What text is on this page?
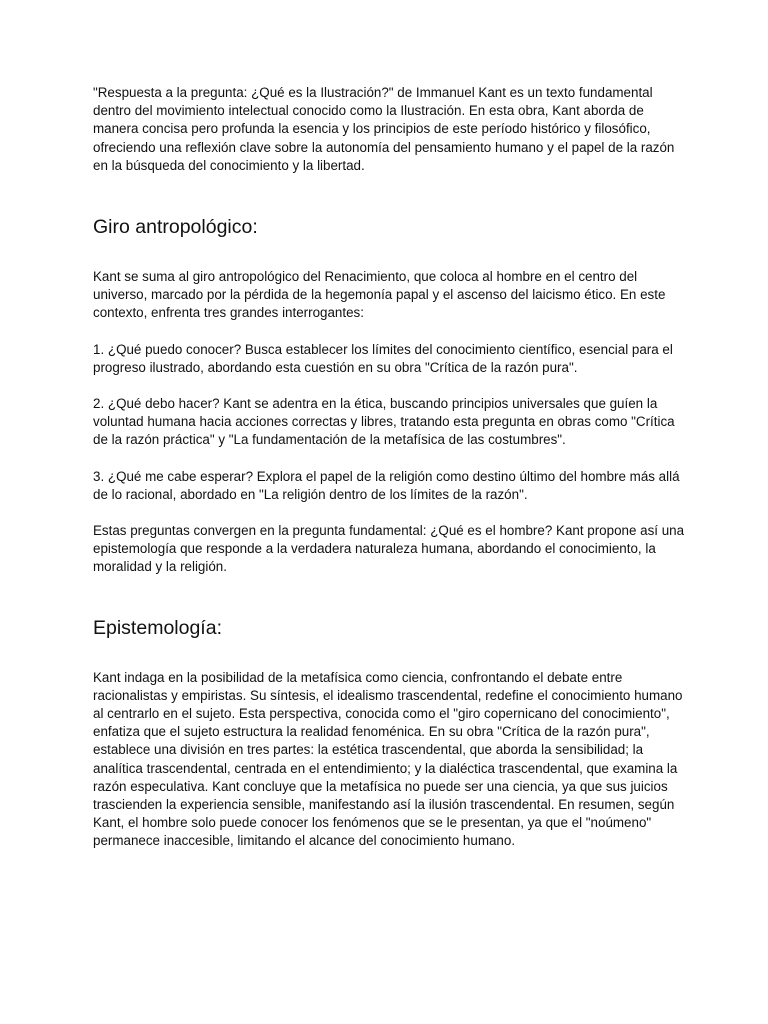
"Respuesta a la pregunta: ¿Qué es la Ilustración?" de Immanuel Kant es un texto fundamental dentro del movimiento intelectual conocido como la Ilustración. En esta obra, Kant aborda de manera concisa pero profunda la esencia y los principios de este período histórico y filosófico, ofreciendo una reflexión clave sobre la autonomía del pensamiento humano y el papel de la razón en la búsqueda del conocimiento y la libertad.

Giro antropológico:

Kant se suma al giro antropológico del Renacimiento, que coloca al hombre en el centro del universo, marcado por la pérdida de la hegemonía papal y el ascenso del laicismo ético. En este contexto, enfrenta tres grandes interrogantes:

1. ¿Qué puedo conocer? Busca establecer los límites del conocimiento científico, esencial para el progreso ilustrado, abordando esta cuestión en su obra "Crítica de la razón pura".

2. ¿Qué debo hacer? Kant se adentra en la ética, buscando principios universales que guíen la voluntad humana hacia acciones correctas y libres, tratando esta pregunta en obras como "Crítica de la razón práctica" y "La fundamentación de la metafísica de las costumbres".

3. ¿Qué me cabe esperar? Explora el papel de la religión como destino último del hombre más allá de lo racional, abordado en "La religión dentro de los límites de la razón".

Estas preguntas convergen en la pregunta fundamental: ¿Qué es el hombre? Kant propone así una epistemología que responde a la verdadera naturaleza humana, abordando el conocimiento, la moralidad y la religión.

Epistemología:

Kant indaga en la posibilidad de la metafísica como ciencia, confrontando el debate entre racionalistas y empiristas. Su síntesis, el idealismo trascendental, redefine el conocimiento humano al centrarlo en el sujeto. Esta perspectiva, conocida como el "giro copernicano del conocimiento", enfatiza que el sujeto estructura la realidad fenoménica. En su obra "Crítica de la razón pura", establece una división en tres partes: la estética trascendental, que aborda la sensibilidad; la analítica trascendental, centrada en el entendimiento; y la dialéctica trascendental, que examina la razón especulativa. Kant concluye que la metafísica no puede ser una ciencia, ya que sus juicios trascienden la experiencia sensible, manifestando así la ilusión trascendental. En resumen, según Kant, el hombre solo puede conocer los fenómenos que se le presentan, ya que el "noúmeno" permanece inaccesible, limitando el alcance del conocimiento humano.
